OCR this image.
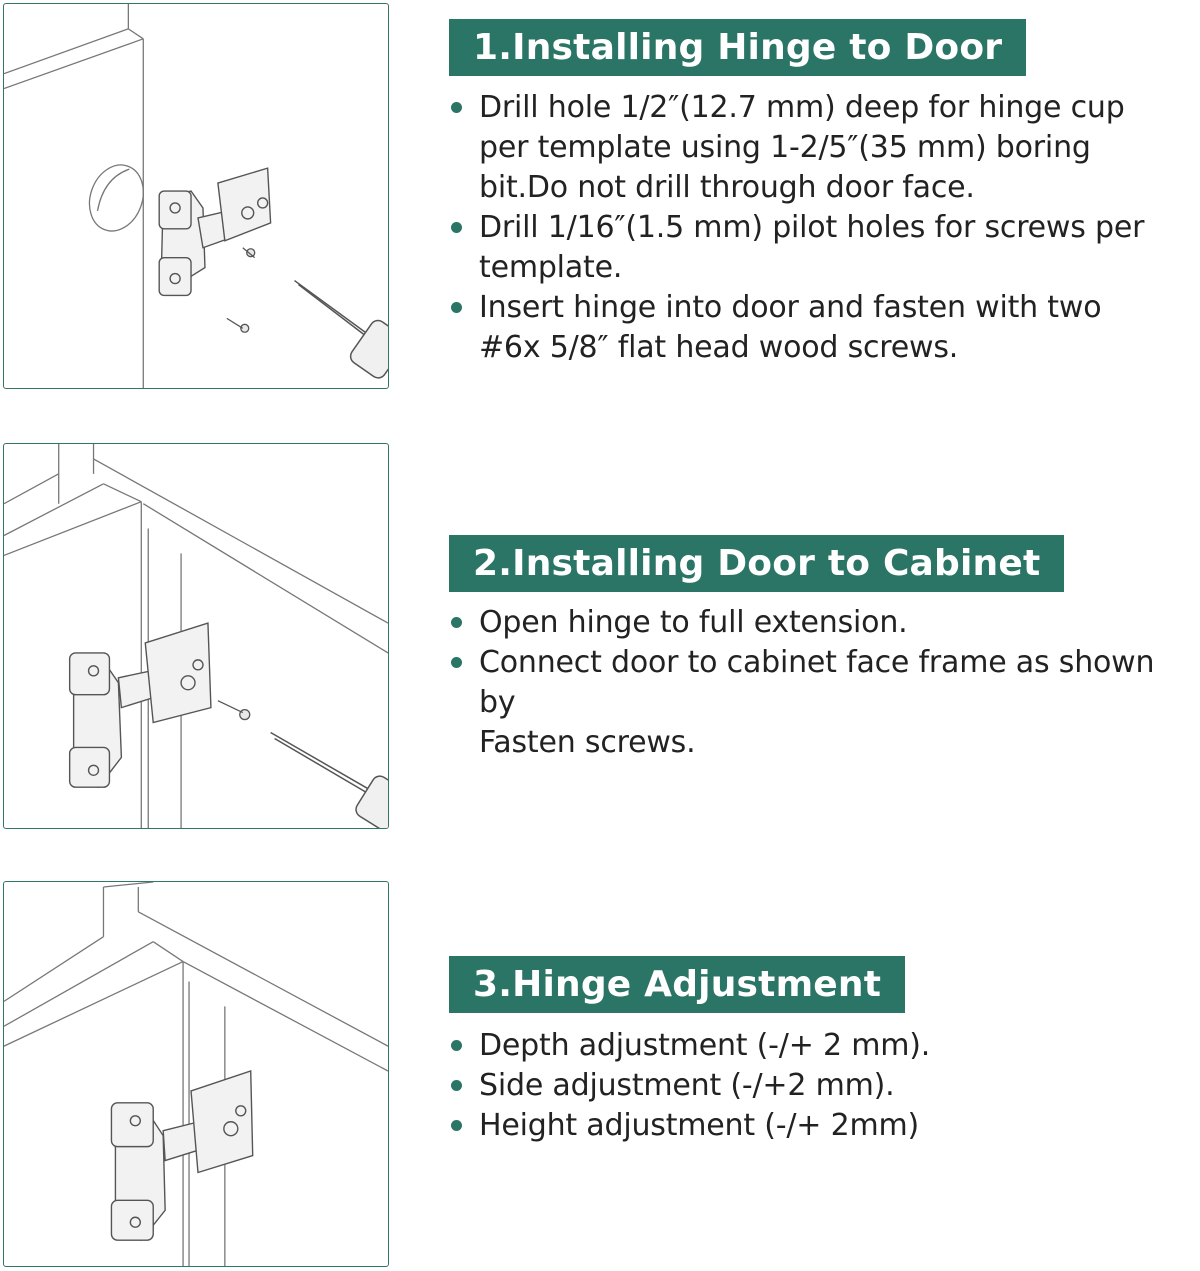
1.Installing Hinge to Door
Drill hole 1/2″(12.7 mm) deep for hinge cup
per template using 1-2/5″(35 mm) boring
bit.Do not drill through door face.
Drill 1/16″(1.5 mm) pilot holes for screws per
template.
Insert hinge into door and fasten with two
#6x 5/8″ flat head wood screws.
2.Installing Door to Cabinet
Open hinge to full extension.
Connect door to cabinet face frame as shown by
Fasten screws.
3.Hinge Adjustment
Depth adjustment (-/+ 2 mm).
Side adjustment (-/+2 mm).
Height adjustment (-/+ 2mm)
